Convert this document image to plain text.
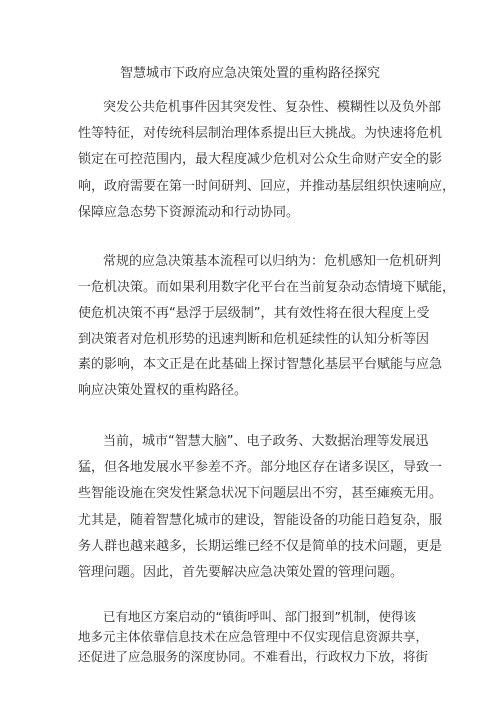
智慧城市下政府应急决策处置的重构路径探究
突发公共危机事件因其突发性、复杂性、模糊性以及负外部
性等特征，对传统科层制治理体系提出巨大挑战。为快速将危机
锁定在可控范围内，最大程度减少危机对公众生命财产安全的影
响，政府需要在第一时间研判、回应，并推动基层组织快速响应，
保障应急态势下资源流动和行动协同。
常规的应急决策基本流程可以归纳为：危机感知一危机研判
一危机决策。而如果利用数字化平台在当前复杂动态情境下赋能，
使危机决策不再“悬浮于层级制”，其有效性将在很大程度上受
到决策者对危机形势的迅速判断和危机延续性的认知分析等因
素的影响，本文正是在此基础上探讨智慧化基层平台赋能与应急
响应决策处置权的重构路径。
当前，城市“智慧大脑”、电子政务、大数据治理等发展迅
猛，但各地发展水平参差不齐。部分地区存在诸多误区，导致一
些智能设施在突发性紧急状况下问题层出不穷，甚至瘫痪无用。
尤其是，随着智慧化城市的建设，智能设备的功能日趋复杂，服
务人群也越来越多，长期运维已经不仅是简单的技术问题，更是
管理问题。因此，首先要解决应急决策处置的管理问题。
已有地区方案启动的“镇街呼叫、部门报到”机制，使得该
地多元主体依靠信息技术在应急管理中不仅实现信息资源共享，
还促进了应急服务的深度协同。不难看出，行政权力下放，将街
